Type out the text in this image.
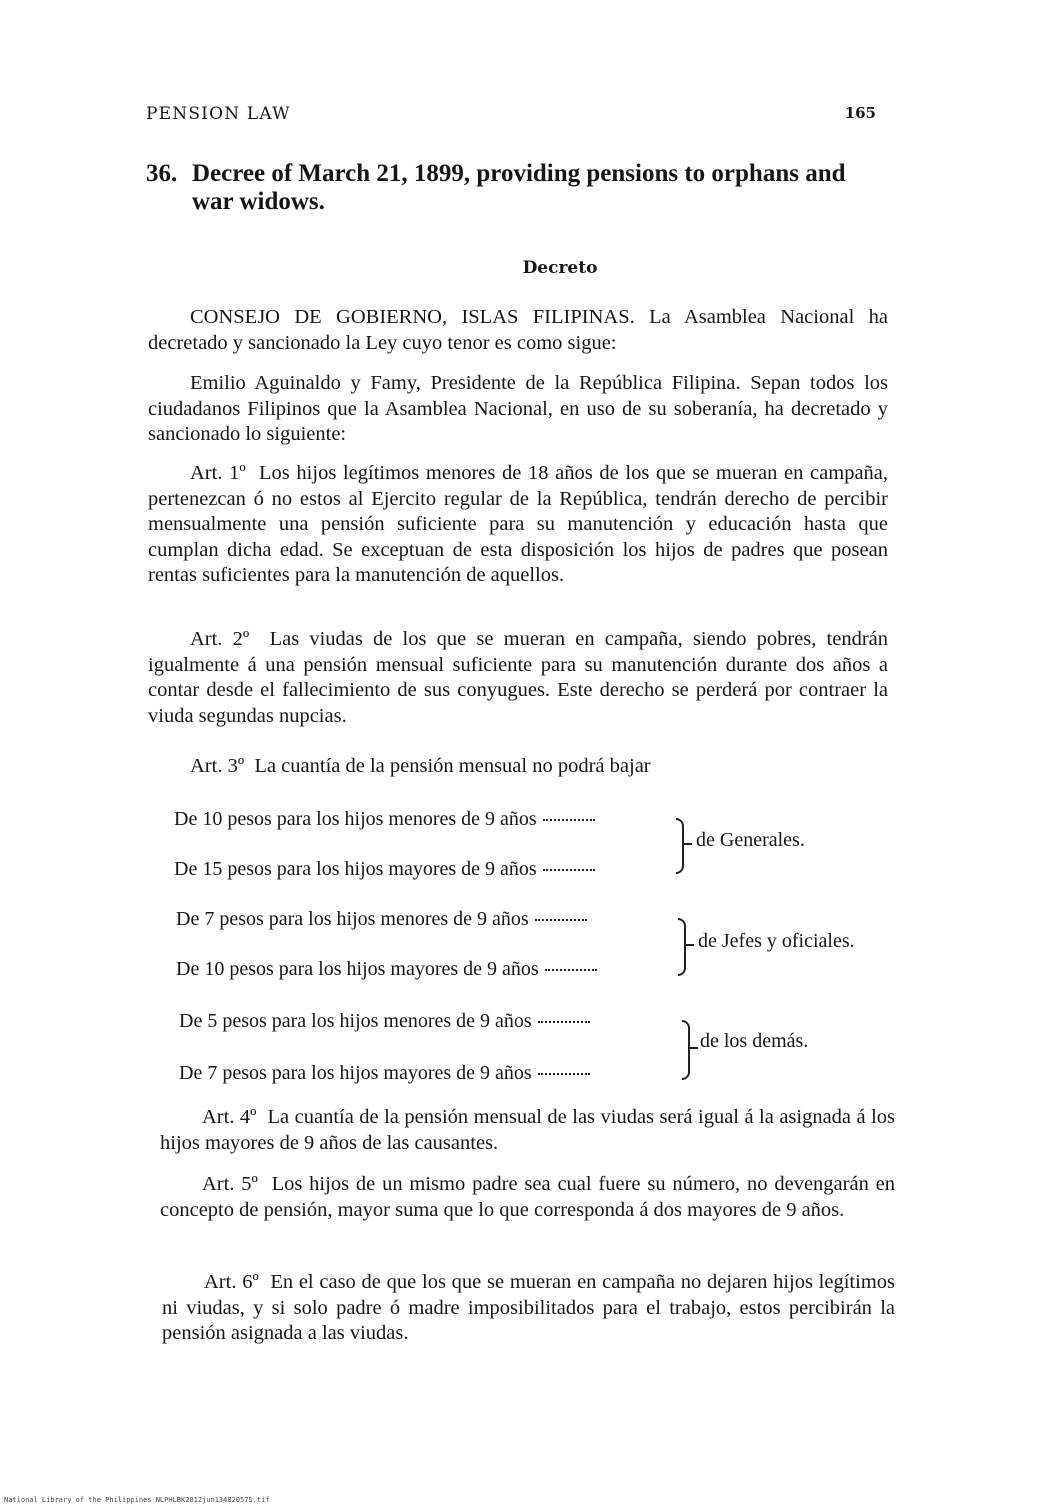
PENSION LAW	165
36. Decree of March 21, 1899, providing pensions to orphans and war widows.
Decreto

CONSEJO DE GOBIERNO, ISLAS FILIPINAS. La Asamblea Nacional ha decretado y sancionado la Ley cuyo tenor es como sigue:

Emilio Aguinaldo y Famy, Presidente de la República Filipina. Sepan todos los ciudadanos Filipinos que la Asamblea Nacional, en uso de su soberanía, ha decretado y sancionado lo siguiente:

Art. 1º Los hijos legítimos menores de 18 años de los que se mueran en campaña, pertenezcan ó no estos al Ejercito regular de la República, tendrán derecho de percibir mensualmente una pensión suficiente para su manutención y educación hasta que cumplan dicha edad. Se exceptuan de esta disposición los hijos de padres que posean rentas suficientes para la manutención de aquellos.

Art. 2º Las viudas de los que se mueran en campaña, siendo pobres, tendrán igualmente á una pensión mensual suficiente para su manutención durante dos años a contar desde el fallecimiento de sus conyugues. Este derecho se perderá por contraer la viuda segundas nupcias.

Art. 3º La cuantía de la pensión mensual no podrá bajar

De 10 pesos para los hijos menores de 9 años
De 15 pesos para los hijos mayores de 9 años
de Generales.
De 7 pesos para los hijos menores de 9 años
De 10 pesos para los hijos mayores de 9 años
de Jefes y oficiales.
De 5 pesos para los hijos menores de 9 años
De 7 pesos para los hijos mayores de 9 años
de los demás.

Art. 4º La cuantía de la pensión mensual de las viudas será igual á la asignada á los hijos mayores de 9 años de las causantes.

Art. 5º Los hijos de un mismo padre sea cual fuere su número, no devengarán en concepto de pensión, mayor suma que lo que corresponda á dos mayores de 9 años.

Art. 6º En el caso de que los que se mueran en campaña no dejaren hijos legítimos ni viudas, y si solo padre ó madre imposibilitados para el trabajo, estos percibirán la pensión asignada a las viudas.

National Library of the Philippines NLPHLBK2012jun13482057S.tif
